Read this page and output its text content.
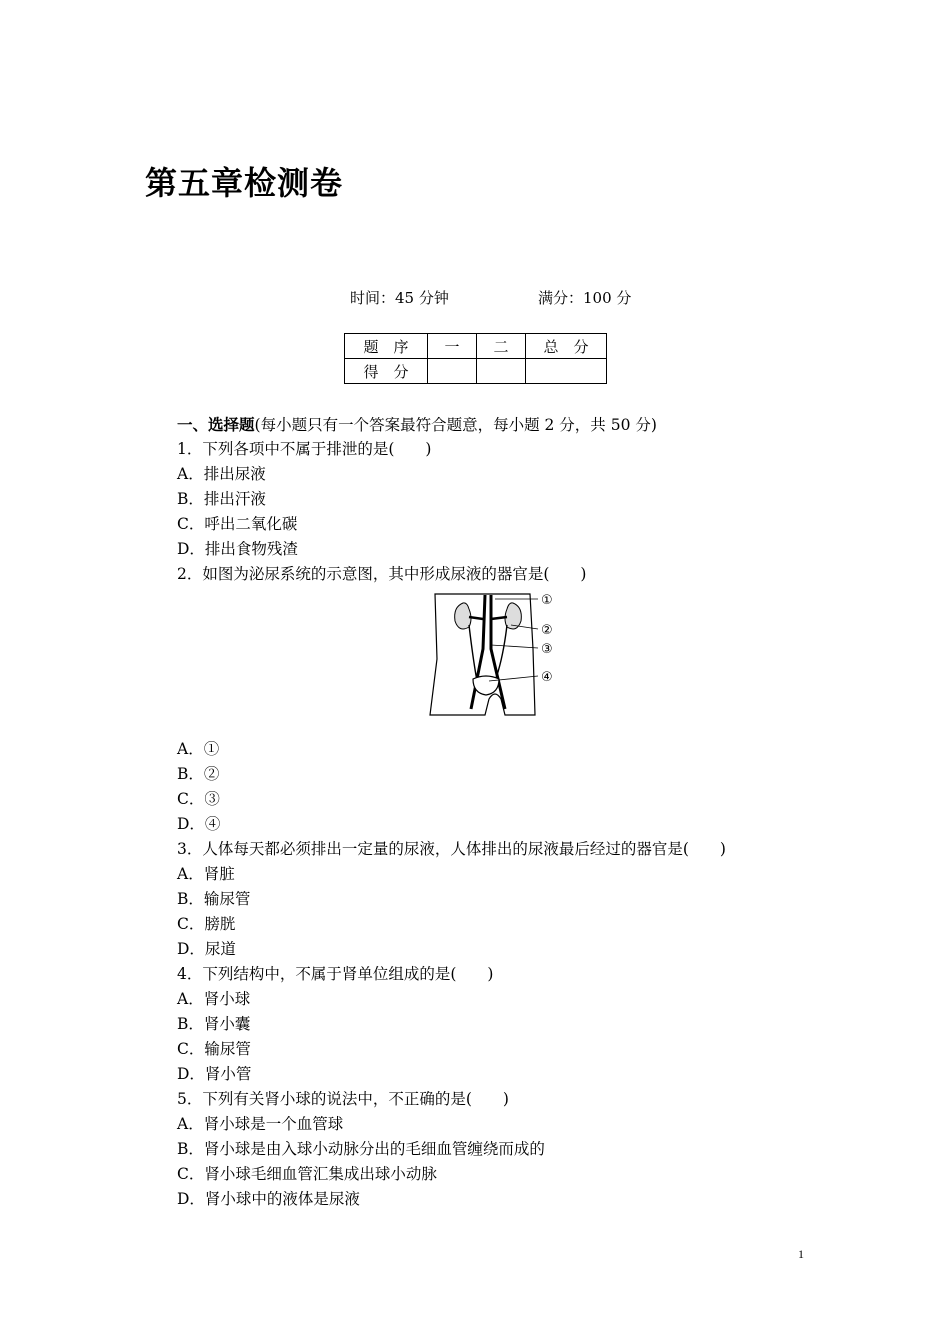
第五章检测卷
时间：45 分钟	满分：100 分
题　序	一	二	总　分
得　分			
一、选择题(每小题只有一个答案最符合题意，每小题 2 分，共 50 分)
1．下列各项中不属于排泄的是(　　)
A．排出尿液
B．排出汗液
C．呼出二氧化碳
D．排出食物残渣
2．如图为泌尿系统的示意图，其中形成尿液的器官是(　　)
A．①
B．②
C．③
D．④
3．人体每天都必须排出一定量的尿液，人体排出的尿液最后经过的器官是(　　)
A．肾脏
B．输尿管
C．膀胱
D．尿道
4．下列结构中，不属于肾单位组成的是(　　)
A．肾小球
B．肾小囊
C．输尿管
D．肾小管
5．下列有关肾小球的说法中，不正确的是(　　)
A．肾小球是一个血管球
B．肾小球是由入球小动脉分出的毛细血管缠绕而成的
C．肾小球毛细血管汇集成出球小动脉
D．肾小球中的液体是尿液
①
②
③
④
1
